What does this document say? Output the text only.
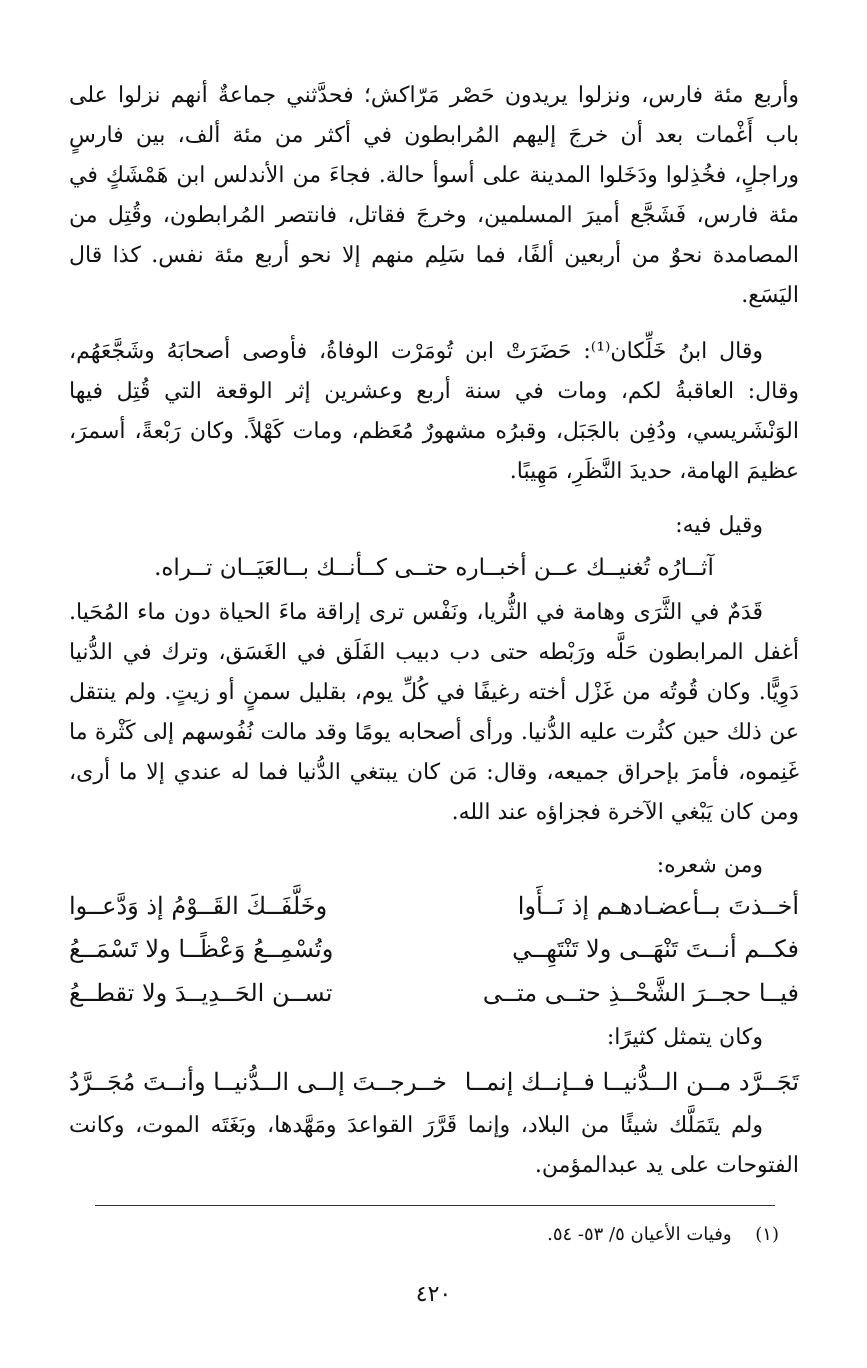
وأربع مئة فارس، ونزلوا يريدون حَصْر مَرّاكش؛ فحدَّثني جماعةٌ أنهم نزلوا على باب أَغْمات بعد أن خرجَ إليهم المُرابطون في أكثر من مئة ألف، بين فارسٍ وراجلٍ، فخُذِلوا ودَخَلوا المدينة على أسوأ حالة. فجاءَ من الأندلس ابن هَمْشَكٍ في مئة فارس، فَشَجَّع أميرَ المسلمين، وخرجَ فقاتل، فانتصر المُرابطون، وقُتِل من المصامدة نحوٌ من أربعين ألفًا، فما سَلِم منهم إلا نحو أربع مئة نفس. كذا قال اليَسَع.

وقال ابنُ خَلِّكان⁽¹⁾: حَضَرَتْ ابن تُومَرْت الوفاةُ، فأوصى أصحابَهُ وشَجَّعَهُم، وقال: العاقبةُ لكم، ومات في سنة أربع وعشرين إثر الوقعة التي قُتِل فيها الوَنْشَريسي، ودُفِن بالجَبَل، وقبرُه مشهورٌ مُعَظم، ومات كَهْلاً. وكان رَبْعةً، أسمرَ، عظيمَ الهامة، حديدَ النَّظَرِ، مَهِيبًا.

وقيل فيه:
آثــارُه تُغنيــك عــن أخبــاره حتــى كــأنــك بــالعَيَــان تــراه.

قَدَمٌ في الثَّرَى وهامة في الثُّريا، ونَفْس ترى إراقة ماءَ الحياة دون ماء المُحَيا. أغفل المرابطون حَلَّه ورَبْطه حتى دب دبيب الفَلَق في الغَسَق، وترك في الدُّنيا دَوِيًّا. وكان قُوتُه من غَزْل أخته رغيفًا في كُلِّ يوم، بقليل سمنٍ أو زيتٍ. ولم ينتقل عن ذلك حين كثُرت عليه الدُّنيا. ورأى أصحابه يومًا وقد مالت نُفُوسهم إلى كَثْرة ما غَنِموه، فأمرَ بإحراق جميعه، وقال: مَن كان يبتغي الدُّنيا فما له عندي إلا ما أرى، ومن كان يَبْغي الآخرة فجزاؤه عند الله.

ومن شعره:
أخــذتَ بــأعضـادهـم إذ نَــأَوا
وخَلَّفَــكَ القَــوْمُ إذ وَدَّعــوا
فكــم أنــتَ تَنْهَــى ولا تَنْتَهِــي
وتُسْمِــعُ وَعْظًــا ولا تَسْمَــعُ
فيــا حجــرَ الشَّحْــذِ حتــى متــى
تســن الحَــدِيــدَ ولا تقطــعُ
وكان يتمثل كثيرًا:
تَجَــرَّد مــن الــدُّنيــا فــإنــك إنمــا
خــرجــتَ إلــى الــدُّنيــا وأنــتَ مُجَــرَّدُ

ولم يتَمَلَّك شيئًا من البلاد، وإنما قَرَّرَ القواعدَ ومَهَّدها، وبَغَتَه الموت، وكانت الفتوحات على يد عبدالمؤمن.

(١) وفيات الأعيان ٥/ ٥٣- ٥٤.
٤٢٠
